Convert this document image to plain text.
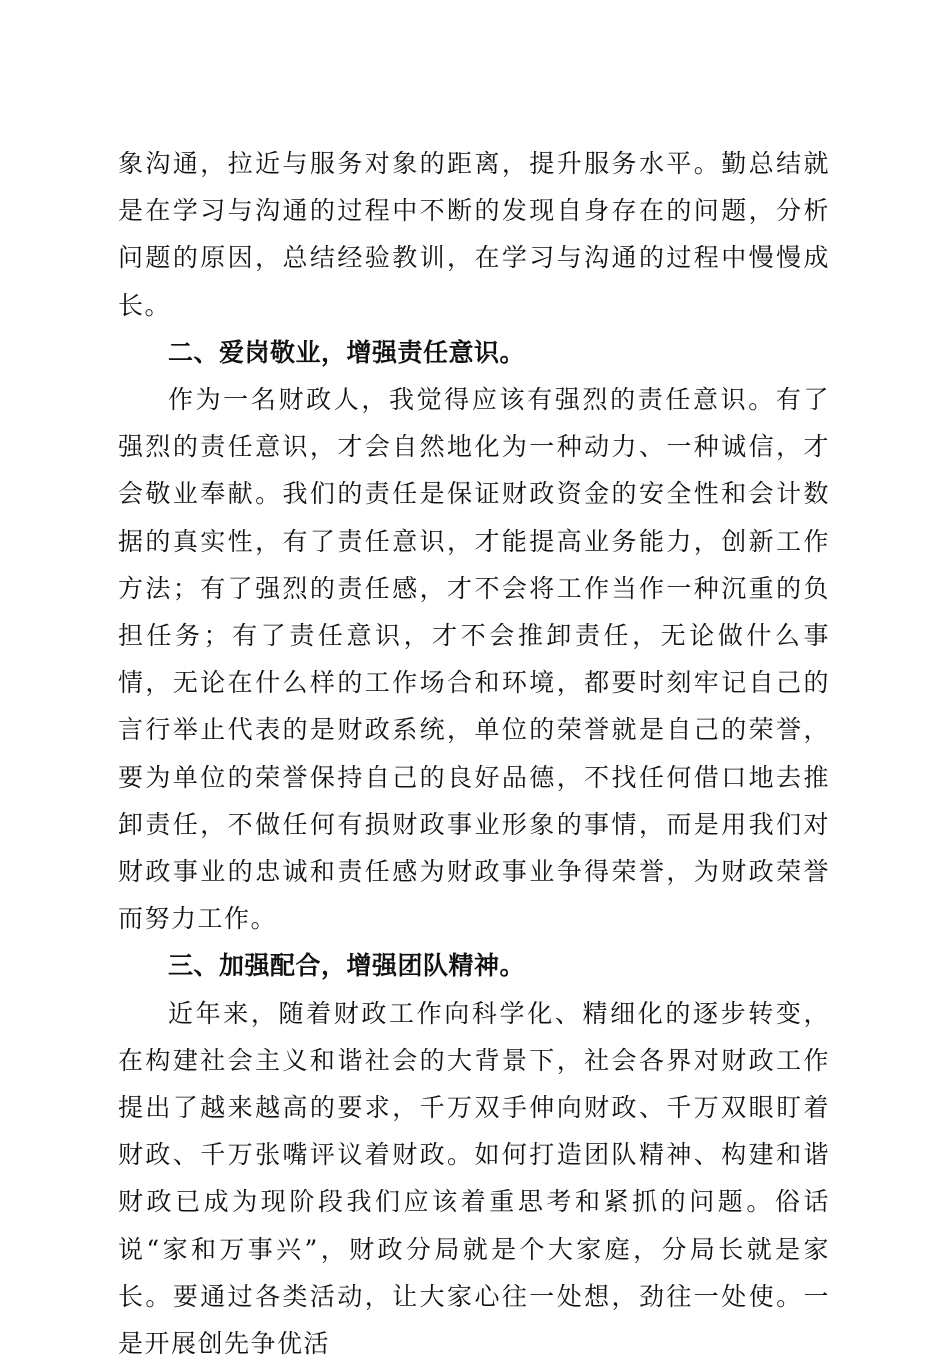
象沟通，拉近与服务对象的距离，提升服务水平。勤总结就是在学习与沟通的过程中不断的发现自身存在的问题，分析问题的原因，总结经验教训，在学习与沟通的过程中慢慢成长。

二、爱岗敬业，增强责任意识。

作为一名财政人，我觉得应该有强烈的责任意识。有了强烈的责任意识，才会自然地化为一种动力、一种诚信，才会敬业奉献。我们的责任是保证财政资金的安全性和会计数据的真实性，有了责任意识，才能提高业务能力，创新工作方法；有了强烈的责任感，才不会将工作当作一种沉重的负担任务；有了责任意识，才不会推卸责任，无论做什么事情，无论在什么样的工作场合和环境，都要时刻牢记自己的言行举止代表的是财政系统，单位的荣誉就是自己的荣誉，要为单位的荣誉保持自己的良好品德，不找任何借口地去推卸责任，不做任何有损财政事业形象的事情，而是用我们对财政事业的忠诚和责任感为财政事业争得荣誉，为财政荣誉而努力工作。

三、加强配合，增强团队精神。

近年来，随着财政工作向科学化、精细化的逐步转变，在构建社会主义和谐社会的大背景下，社会各界对财政工作提出了越来越高的要求，千万双手伸向财政、千万双眼盯着财政、千万张嘴评议着财政。如何打造团队精神、构建和谐财政已成为现阶段我们应该着重思考和紧抓的问题。俗话说“家和万事兴”，财政分局就是个大家庭，分局长就是家长。要通过各类活动，让大家心往一处想，劲往一处使。一是开展创先争优活
